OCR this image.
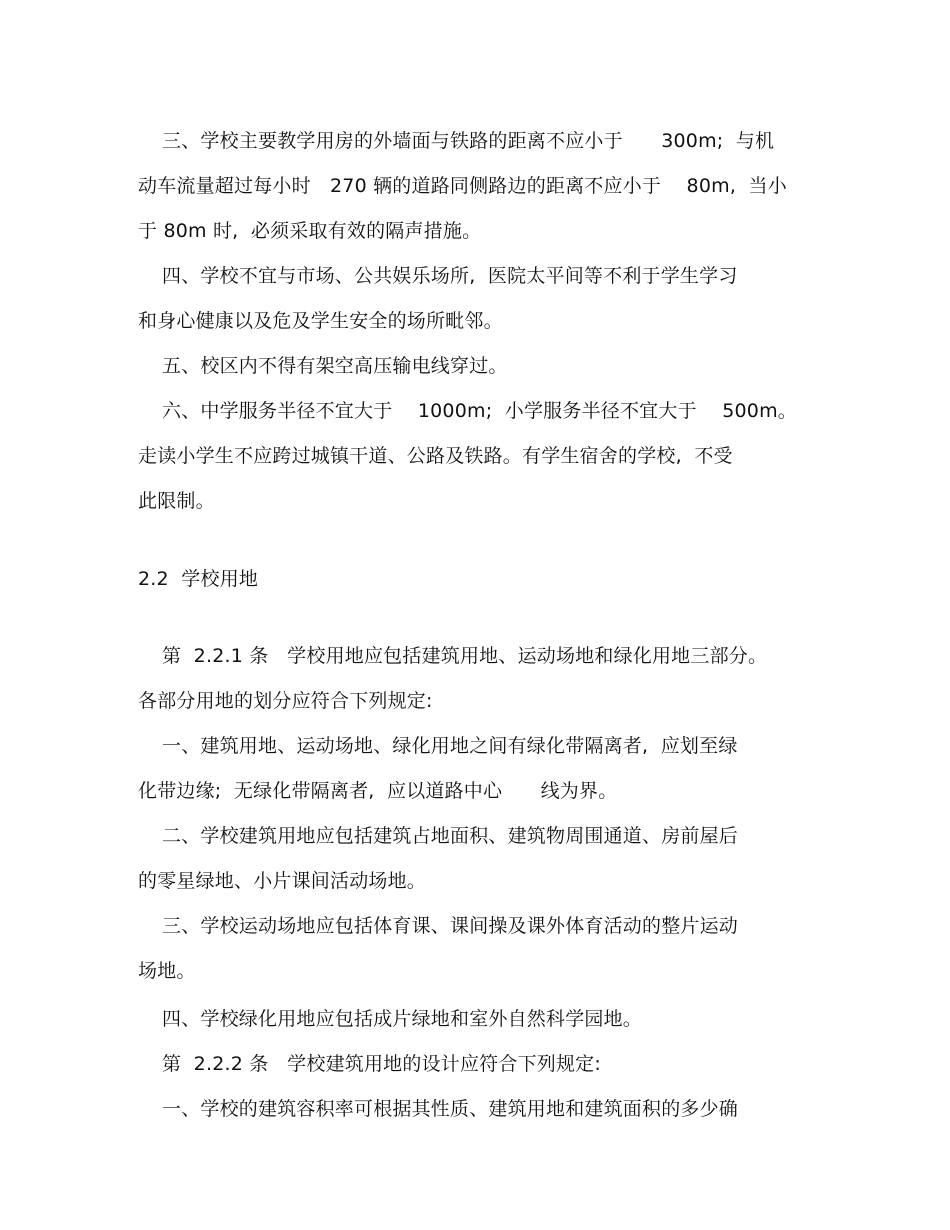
三、学校主要教学用房的外墙面与铁路的距离不应小于　　300m;  与机
动车流量超过每小时　270 辆的道路同侧路边的距离不应小于　 80m,  当小
于 80m 时,  必须采取有效的隔声措施。
四、学校不宜与市场、公共娱乐场所,  医院太平间等不利于学生学习
和身心健康以及危及学生安全的场所毗邻。
五、校区内不得有架空高压输电线穿过。
六、中学服务半径不宜大于　 1000m;  小学服务半径不宜大于　 500m。
走读小学生不应跨过城镇干道、公路及铁路。有学生宿舍的学校,  不受
此限制。
2.2  学校用地
第  2.2.1 条   学校用地应包括建筑用地、运动场地和绿化用地三部分。
各部分用地的划分应符合下列规定:
一、建筑用地、运动场地、绿化用地之间有绿化带隔离者,  应划至绿
化带边缘;  无绿化带隔离者,  应以道路中心　　线为界。
二、学校建筑用地应包括建筑占地面积、建筑物周围通道、房前屋后
的零星绿地、小片课间活动场地。
三、学校运动场地应包括体育课、课间操及课外体育活动的整片运动
场地。
四、学校绿化用地应包括成片绿地和室外自然科学园地。
第  2.2.2 条   学校建筑用地的设计应符合下列规定:
一、学校的建筑容积率可根据其性质、建筑用地和建筑面积的多少确
